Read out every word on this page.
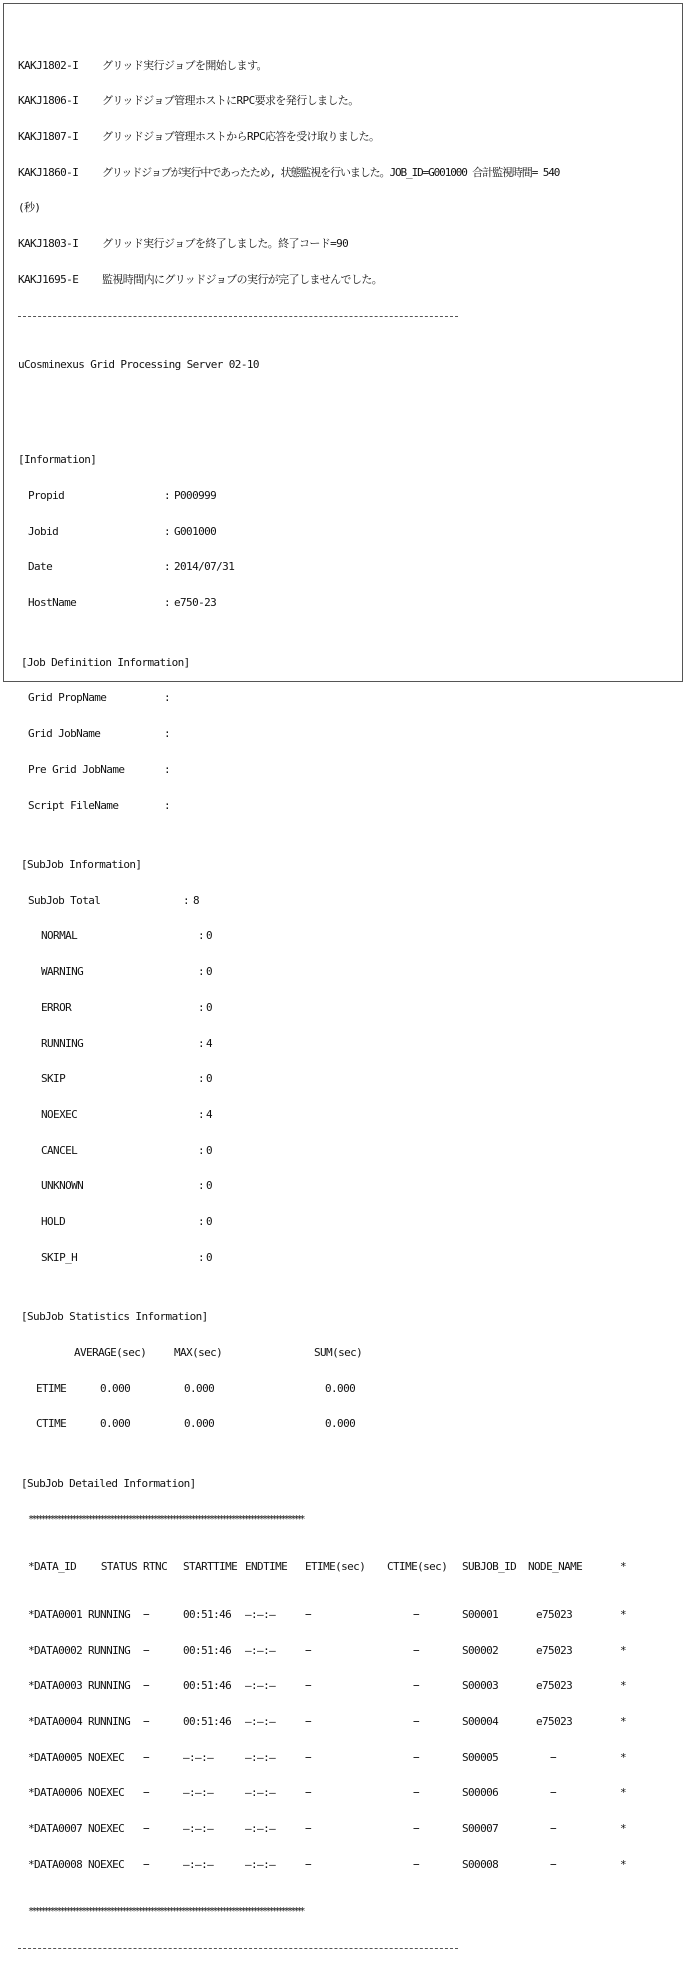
KAKJ1802-I	グリッド実行ジョブを開始します。

KAKJ1806-I	グリッドジョブ管理ホストにRPC要求を発行しました。

KAKJ1807-I	グリッドジョブ管理ホストからRPC応答を受け取りました。

KAKJ1860-I	グリッドジョブが実行中であったため, 状態監視を行いました。JOB_ID=G001000 合計監視時間= 540

(秒)

KAKJ1803-I	グリッド実行ジョブを終了しました。終了コード=90

KAKJ1695-E	監視時間内にグリッドジョブの実行が完了しませんでした。

uCosminexus Grid Processing Server 02-10

[Information]

Propid	: P000999

Jobid	: G001000

Date	: 2014/07/31

HostName	: e750-23

[Job Definition Information]

Grid PropName	:

Grid JobName	:

Pre Grid JobName	:

Script FileName	:

[SubJob Information]

SubJob Total	: 8

NORMAL	: 0

WARNING	: 0

ERROR	: 0

RUNNING	: 4

SKIP	: 0

NOEXEC	: 4

CANCEL	: 0

UNKNOWN	: 0

HOLD	: 0

SKIP_H	: 0

[SubJob Statistics Information]

AVERAGE(sec)	MAX(sec)	SUM(sec)

ETIME	0.000	0.000	0.000

CTIME	0.000	0.000	0.000

[SubJob Detailed Information]

****************************************************************************************

*DATA_ID	STATUS RTNC	STARTTIME ENDTIME	ETIME(sec)	CTIME(sec)	SUBJOB_ID	NODE_NAME	*

*DATA0001 RUNNING	−	00:51:46	—:—:—	−	−	S00001	e75023	*

*DATA0002 RUNNING	−	00:51:46	—:—:—	−	−	S00002	e75023	*

*DATA0003 RUNNING	−	00:51:46	—:—:—	−	−	S00003	e75023	*

*DATA0004 RUNNING	−	00:51:46	—:—:—	−	−	S00004	e75023	*

*DATA0005 NOEXEC	−	—:—:—	—:—:—	−	−	S00005	−	*

*DATA0006 NOEXEC	−	—:—:—	—:—:—	−	−	S00006	−	*

*DATA0007 NOEXEC	−	—:—:—	—:—:—	−	−	S00007	−	*

*DATA0008 NOEXEC	−	—:—:—	—:—:—	−	−	S00008	−	*

****************************************************************************************
